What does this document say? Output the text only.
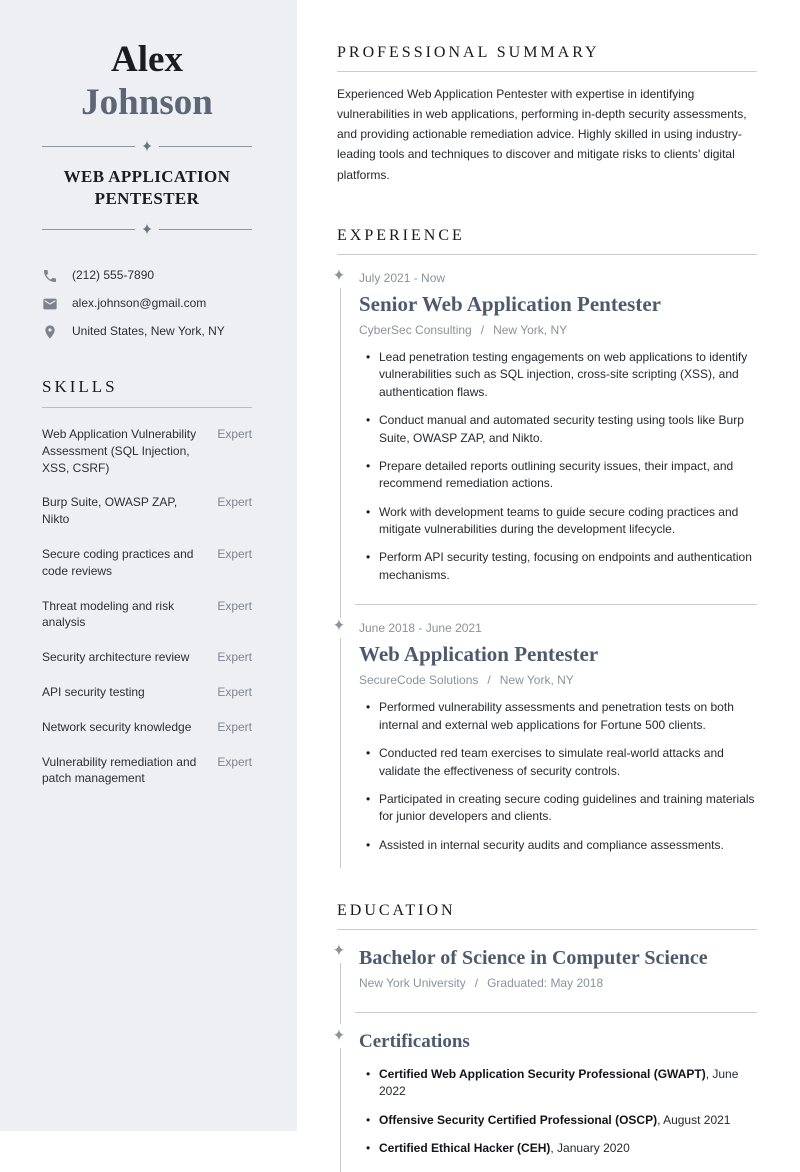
Alex
Johnson
✦
WEB APPLICATION PENTESTER
✦
(212) 555-7890
alex.johnson@gmail.com
United States, New York, NY
SKILLS
Web Application Vulnerability Assessment (SQL Injection, XSS, CSRF)
Expert
Burp Suite, OWASP ZAP, Nikto
Expert
Secure coding practices and code reviews
Expert
Threat modeling and risk analysis
Expert
Security architecture review Expert
API security testing	Expert
Network security knowledge Expert
Vulnerability remediation and patch management
Expert
PROFESSIONAL SUMMARY

Experienced Web Application Pentester with expertise in identifying vulnerabilities in web applications, performing in-depth security assessments, and providing actionable remediation advice. Highly skilled in using industry-leading tools and techniques to discover and mitigate risks to clients’ digital platforms.

EXPERIENCE
✦ July 2021 - Now
Senior Web Application Pentester
CyberSec Consulting / New York, NY
• Lead penetration testing engagements on web applications to identify vulnerabilities such as SQL injection, cross-site scripting (XSS), and authentication flaws.
• Conduct manual and automated security testing using tools like Burp Suite, OWASP ZAP, and Nikto.
• Prepare detailed reports outlining security issues, their impact, and recommend remediation actions.
• Work with development teams to guide secure coding practices and mitigate vulnerabilities during the development lifecycle.
• Perform API security testing, focusing on endpoints and authentication mechanisms.
✦ June 2018 - June 2021
Web Application Pentester
SecureCode Solutions / New York, NY
• Performed vulnerability assessments and penetration tests on both internal and external web applications for Fortune 500 clients.
• Conducted red team exercises to simulate real-world attacks and validate the effectiveness of security controls.
• Participated in creating secure coding guidelines and training materials for junior developers and clients.
• Assisted in internal security audits and compliance assessments.
EDUCATION
✦ Bachelor of Science in Computer Science
New York University / Graduated: May 2018
✦ Certifications
• Certified Web Application Security Professional (GWAPT), June 2022
• Offensive Security Certified Professional (OSCP), August 2021
• Certified Ethical Hacker (CEH), January 2020
